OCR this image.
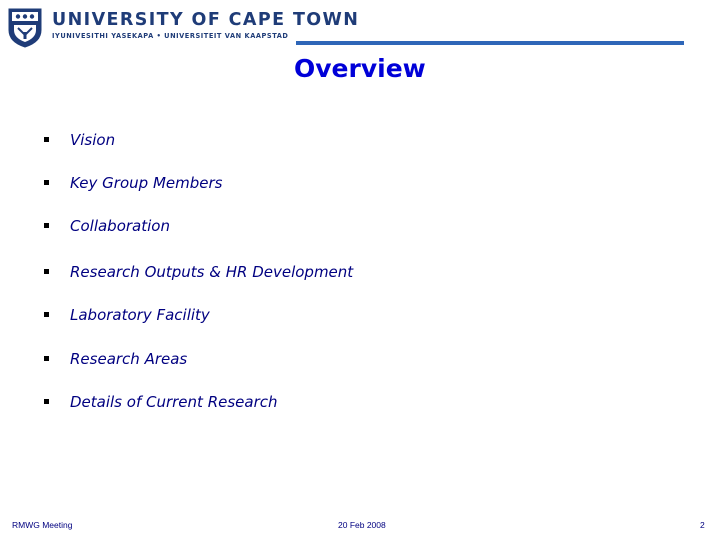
UNIVERSITY OF CAPE TOWN
IYUNIVESITHI YASEKAPA • UNIVERSITEIT VAN KAAPSTAD
Overview
Vision
Key Group Members
Collaboration
Research Outputs & HR Development
Laboratory Facility
Research Areas
Details of Current Research
RMWG Meeting	20 Feb 2008	2
